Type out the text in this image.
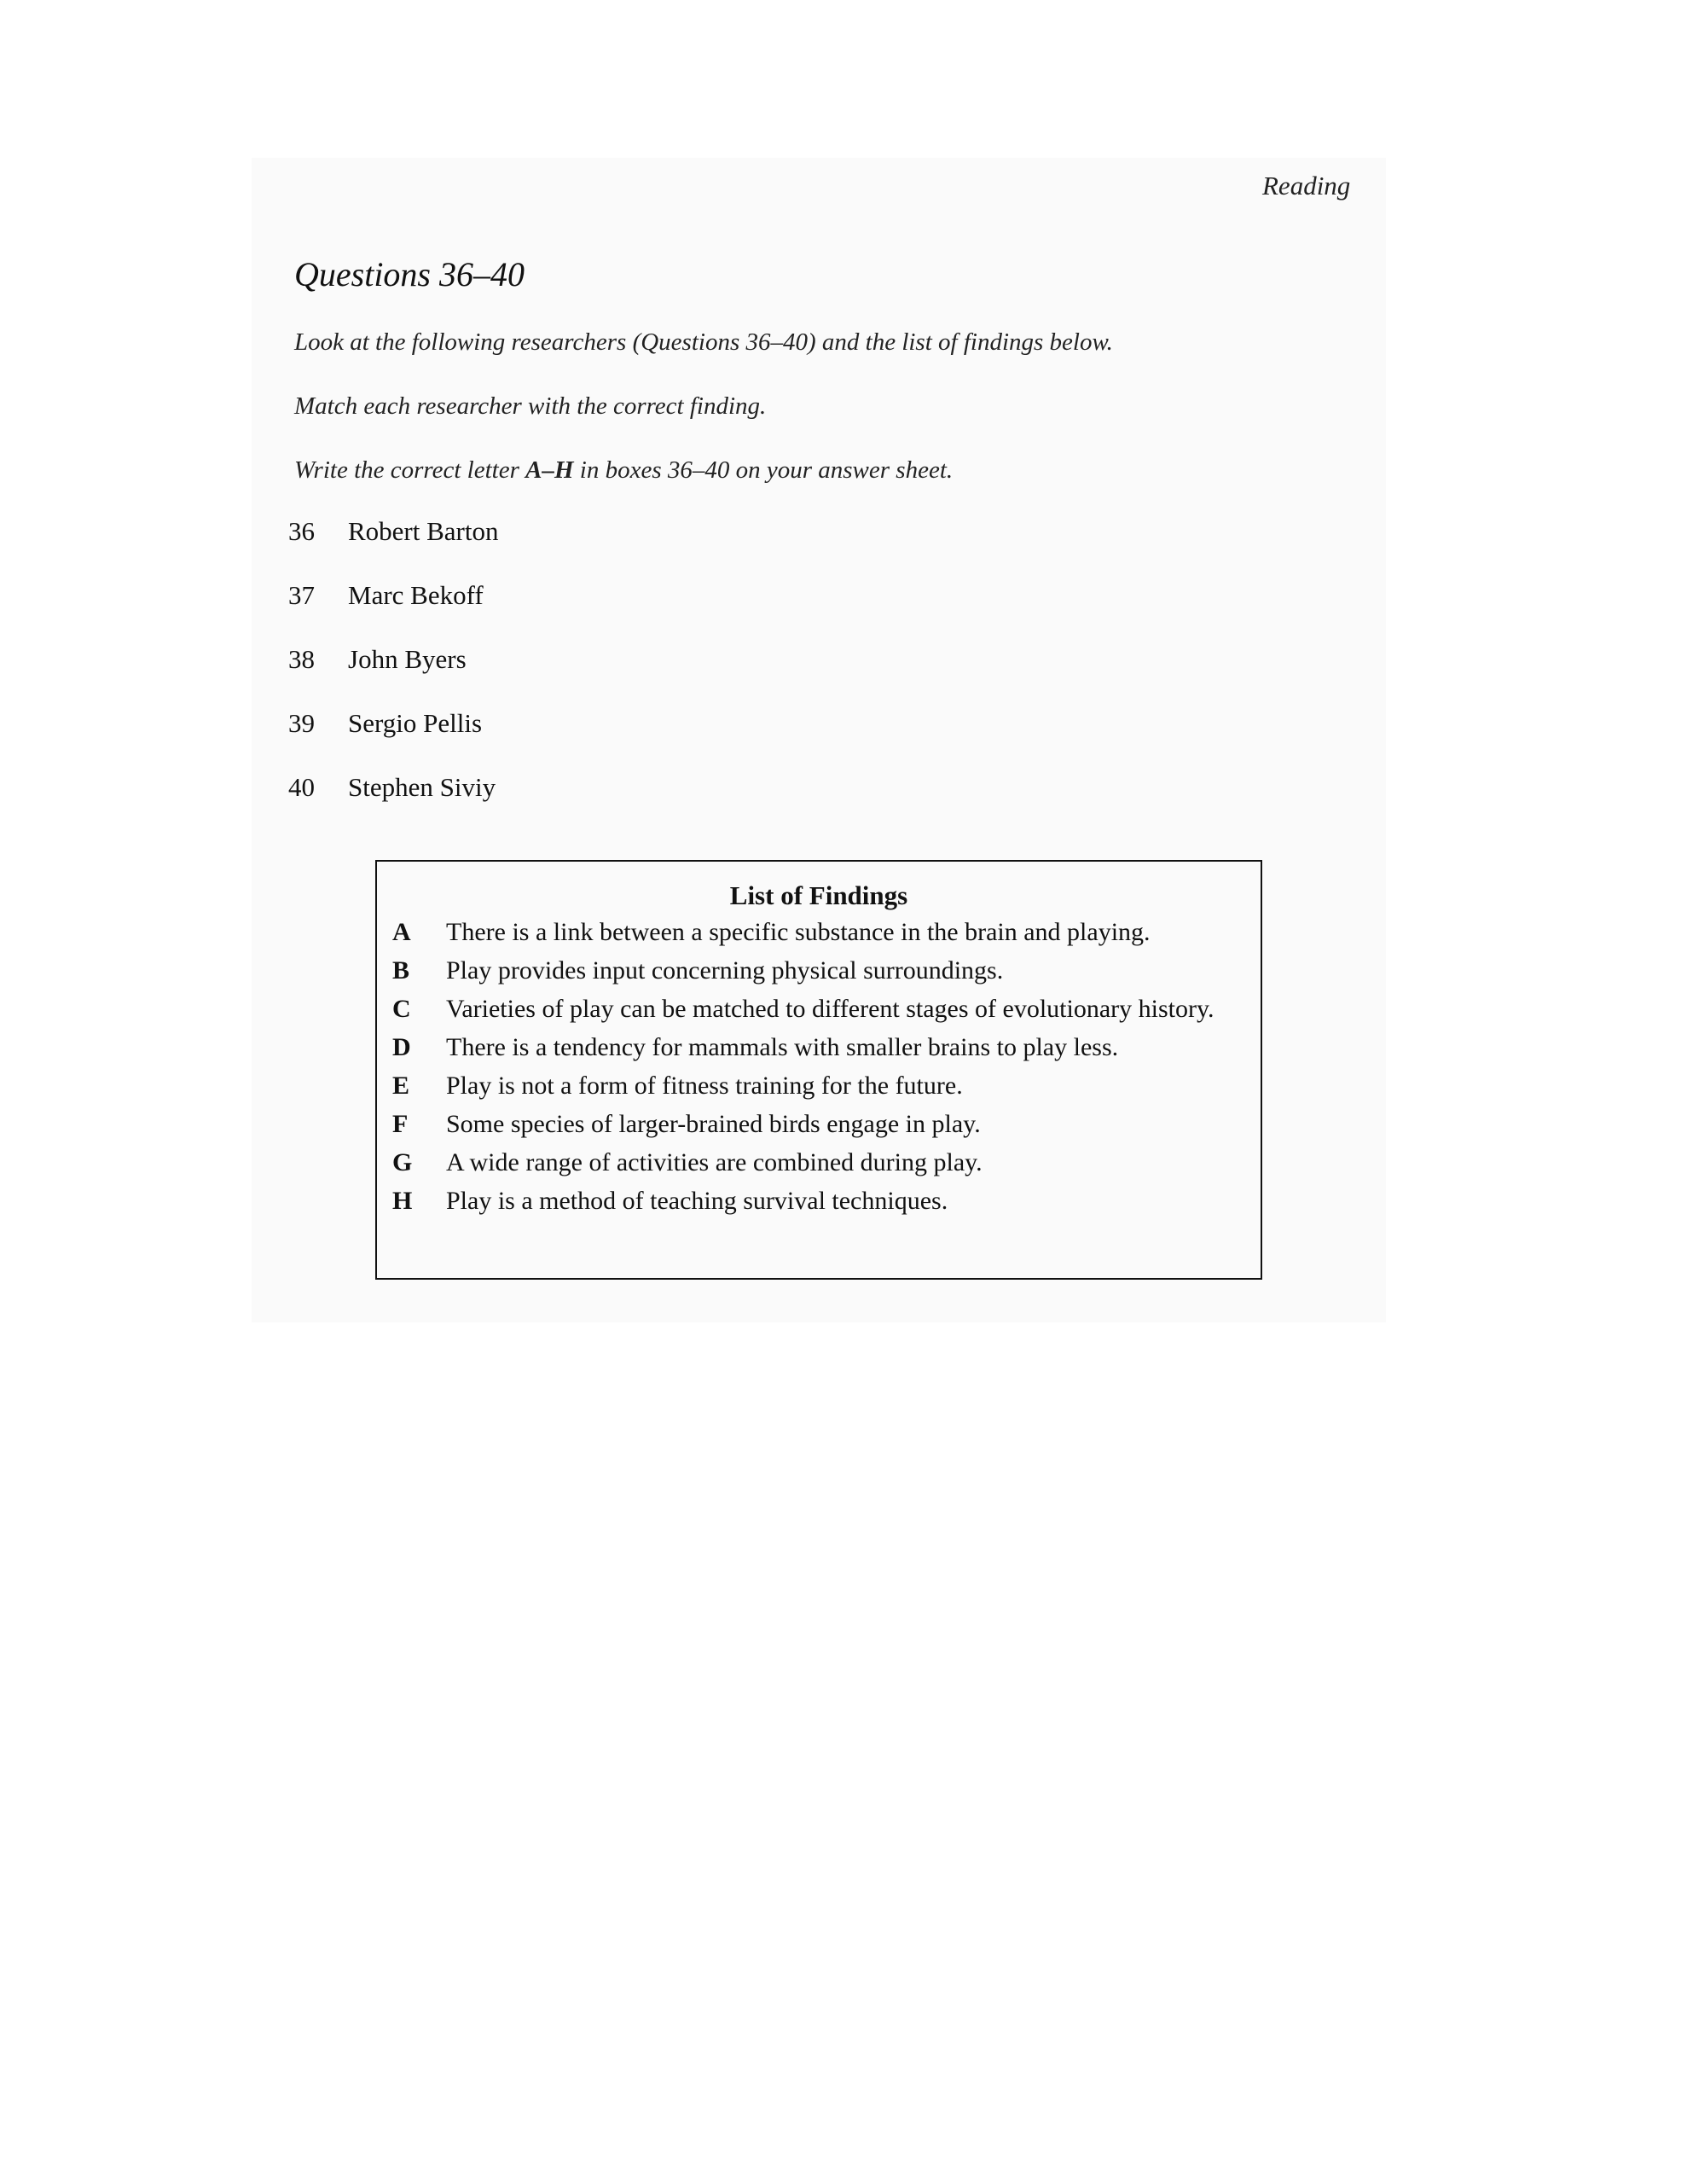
Reading
Questions 36–40
Look at the following researchers (Questions 36–40) and the list of findings below.
Match each researcher with the correct finding.
Write the correct letter A–H in boxes 36–40 on your answer sheet.
36	Robert Barton
37	Marc Bekoff
38	John Byers
39	Sergio Pellis
40	Stephen Siviy
List of Findings
A	There is a link between a specific substance in the brain and playing.
B	Play provides input concerning physical surroundings.
C	Varieties of play can be matched to different stages of evolutionary history.
D	There is a tendency for mammals with smaller brains to play less.
E	Play is not a form of fitness training for the future.
F	Some species of larger-brained birds engage in play.
G	A wide range of activities are combined during play.
H	Play is a method of teaching survival techniques.
